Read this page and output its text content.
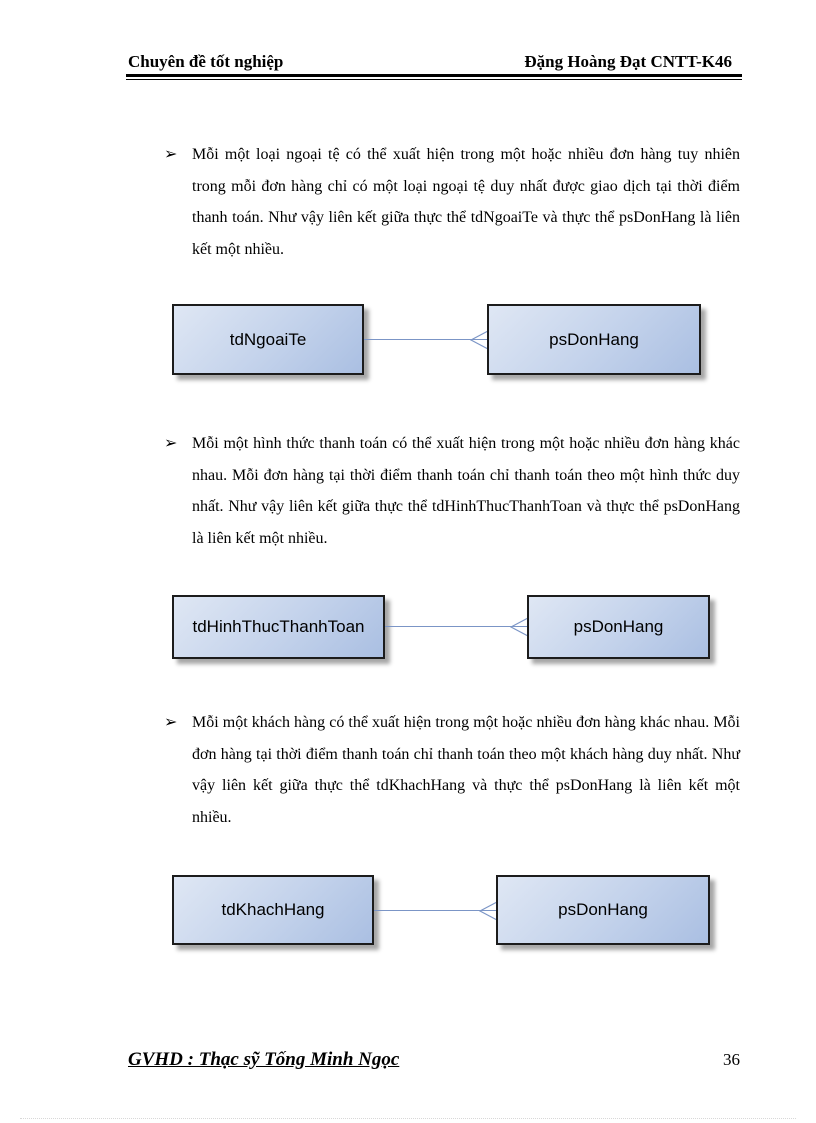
Chuyên đề tốt nghiệp	Đặng Hoàng Đạt CNTT-K46
➢ Mỗi một loại ngoại tệ có thể xuất hiện trong một hoặc nhiều đơn hàng tuy nhiên trong mỗi đơn hàng chỉ có một loại ngoại tệ duy nhất được giao dịch tại thời điểm thanh toán. Như vậy liên kết giữa thực thể tdNgoaiTe và thực thể psDonHang là liên kết một nhiều.
tdNgoaiTe	psDonHang
➢ Mỗi một hình thức thanh toán có thể xuất hiện trong một hoặc nhiều đơn hàng khác nhau. Mỗi đơn hàng tại thời điểm thanh toán chỉ thanh toán theo một hình thức duy nhất. Như vậy liên kết giữa thực thể tdHinhThucThanhToan và thực thể psDonHang là liên kết một nhiều.
tdHinhThucThanhToan	psDonHang
➢ Mỗi một khách hàng có thể xuất hiện trong một hoặc nhiều đơn hàng khác nhau. Mỗi đơn hàng tại thời điểm thanh toán chỉ thanh toán theo một khách hàng duy nhất. Như vậy liên kết giữa thực thể tdKhachHang và thực thể psDonHang là liên kết một nhiều.
tdKhachHang	psDonHang
GVHD : Thạc sỹ Tống Minh Ngọc	36
